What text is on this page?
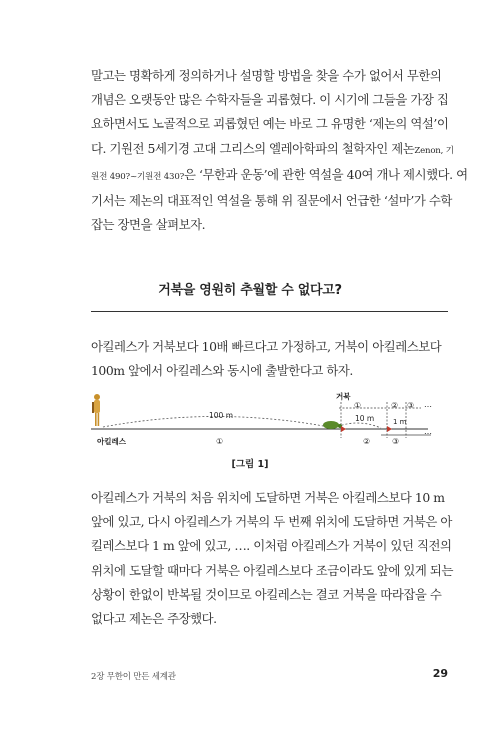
말고는 명확하게 정의하거나 설명할 방법을 찾을 수가 없어서 무한의
개념은 오랫동안 많은 수학자들을 괴롭혔다. 이 시기에 그들을 가장 집
요하면서도 노골적으로 괴롭혔던 예는 바로 그 유명한 ‘제논의 역설’이
다. 기원전 5세기경 고대 그리스의 엘레아학파의 철학자인 제논Zenon, 기
원전 490?~기원전 430?은 ‘무한과 운동’에 관한 역설을 40여 개나 제시했다. 여
기서는 제논의 대표적인 역설을 통해 위 질문에서 언급한 ‘설마’가 수학
잡는 장면을 살펴보자.
거북을 영원히 추월할 수 없다고?
아킬레스가 거북보다 10배 빠르다고 가정하고, 거북이 아킬레스보다
100m 앞에서 아킬레스와 동시에 출발한다고 하자.
아킬레스
거북
100 m	10 m	1 m
①	② ③ …
①	②	③
…
[그림 1]
아킬레스가 거북의 처음 위치에 도달하면 거북은 아킬레스보다 10 m
앞에 있고, 다시 아킬레스가 거북의 두 번째 위치에 도달하면 거북은 아
킬레스보다 1 m 앞에 있고, …. 이처럼 아킬레스가 거북이 있던 직전의
위치에 도달할 때마다 거북은 아킬레스보다 조금이라도 앞에 있게 되는
상황이 한없이 반복될 것이므로 아킬레스는 결코 거북을 따라잡을 수
없다고 제논은 주장했다.
2장 무한이 만든 세계관	29
